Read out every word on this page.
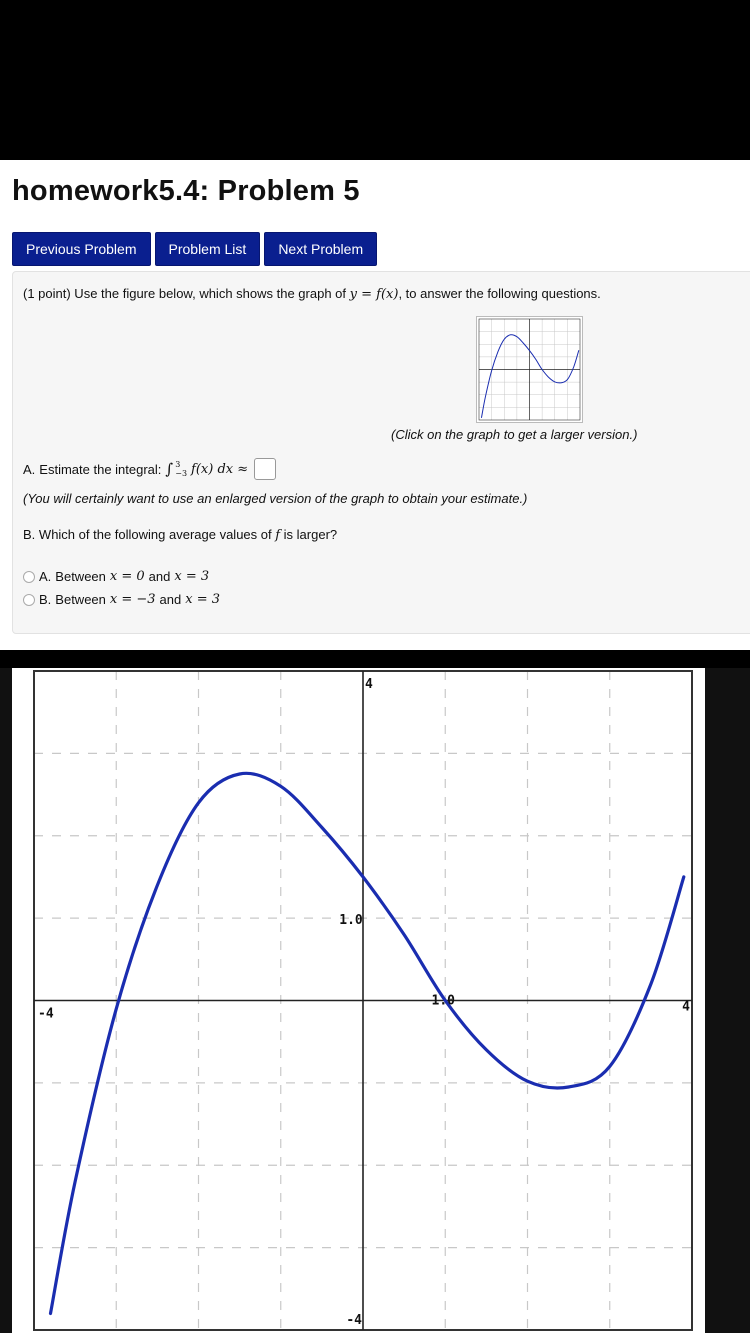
homework5.4: Problem 5
Previous Problem	Problem List	Next Problem
(1 point) Use the figure below, which shows the graph of y = f(x), to answer the following questions.
(Click on the graph to get a larger version.)
A. Estimate the integral: ∫ 3
−3 f(x) dx ≈
(You will certainly want to use an enlarged version of the graph to obtain your estimate.)
B. Which of the following average values of f is larger?
A. Between x = 0 and x = 3
B. Between x = −3 and x = 3
4
-4
-4	4
1.0
1.0
